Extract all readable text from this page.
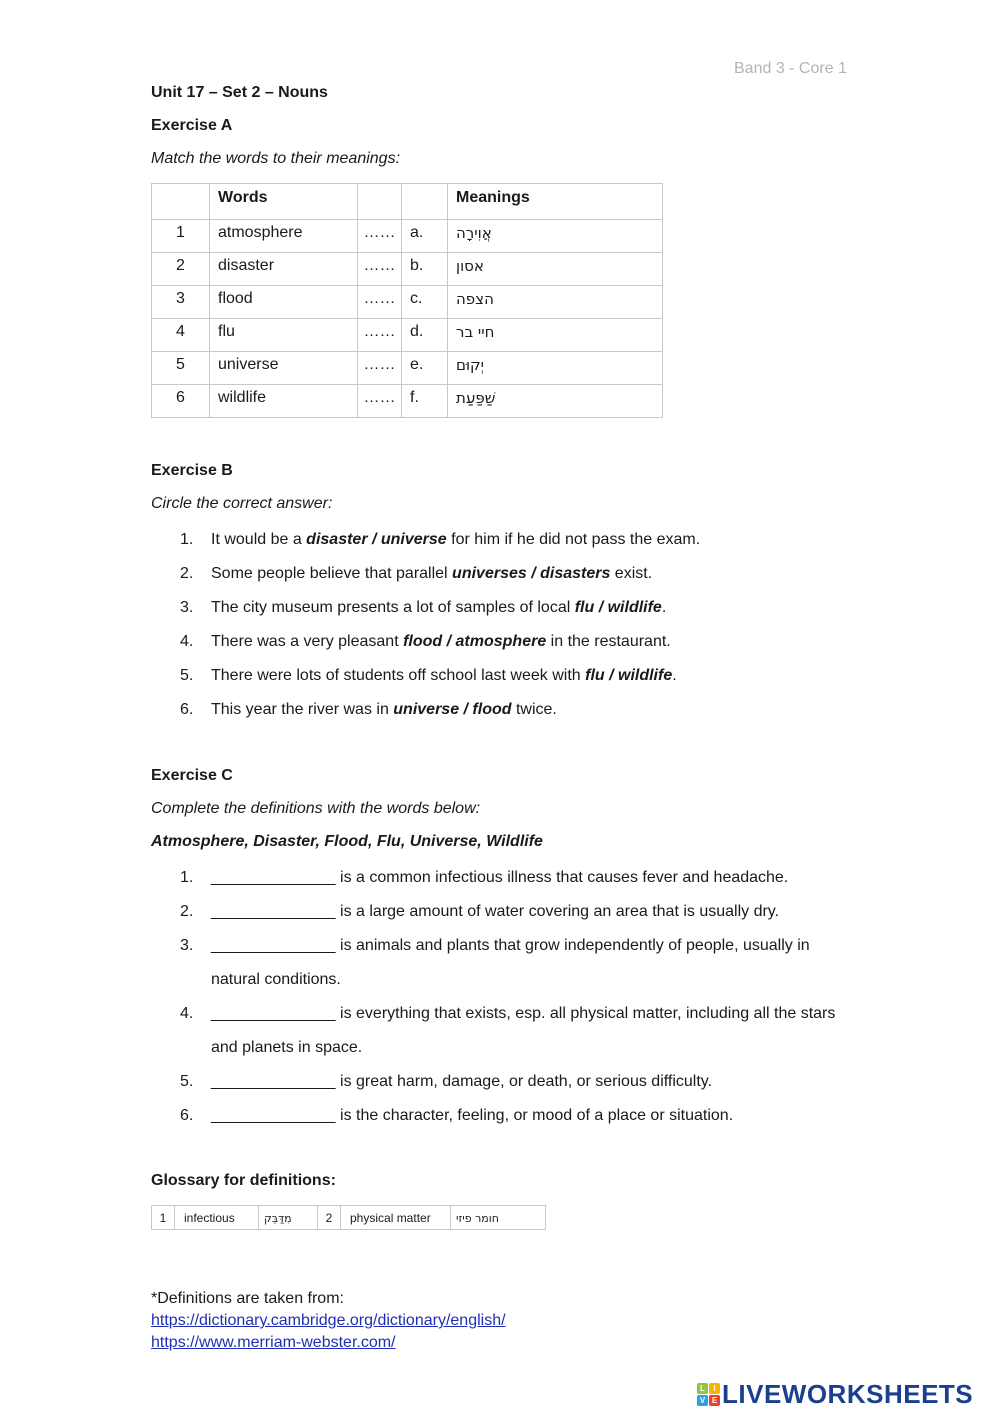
Band 3 - Core 1
Unit 17 – Set 2 – Nouns
Exercise A
Match the words to their meanings:
	Words			Meanings
1	atmosphere	……	a.	אֲוִירָה
2	disaster	……	b.	אסון
3	flood	……	c.	הצפה
4	flu	……	d.	חיי בר
5	universe	……	e.	יְקוּם
6	wildlife	……	f.	שַׁפַּעַת
Exercise B
Circle the correct answer:
1. It would be a disaster / universe for him if he did not pass the exam.
2. Some people believe that parallel universes / disasters exist.
3. The city museum presents a lot of samples of local flu / wildlife.
4. There was a very pleasant flood / atmosphere in the restaurant.
5. There were lots of students off school last week with flu / wildlife.
6. This year the river was in universe / flood twice.
Exercise C
Complete the definitions with the words below:
Atmosphere, Disaster, Flood, Flu, Universe, Wildlife
1. ______________ is a common infectious illness that causes fever and headache.
2. ______________ is a large amount of water covering an area that is usually dry.
3. ______________ is animals and plants that grow independently of people, usually in natural conditions.
4. ______________ is everything that exists, esp. all physical matter, including all the stars and planets in space.
5. ______________ is great harm, damage, or death, or serious difficulty.
6. ______________ is the character, feeling, or mood of a place or situation.
Glossary for definitions:
1	infectious	מִדַּבֵּק	2	physical matter	חומר פיזי
*Definitions are taken from:
https://dictionary.cambridge.org/dictionary/english/
https://www.merriam-webster.com/
L	I
V E LIVEWORKSHEETS
